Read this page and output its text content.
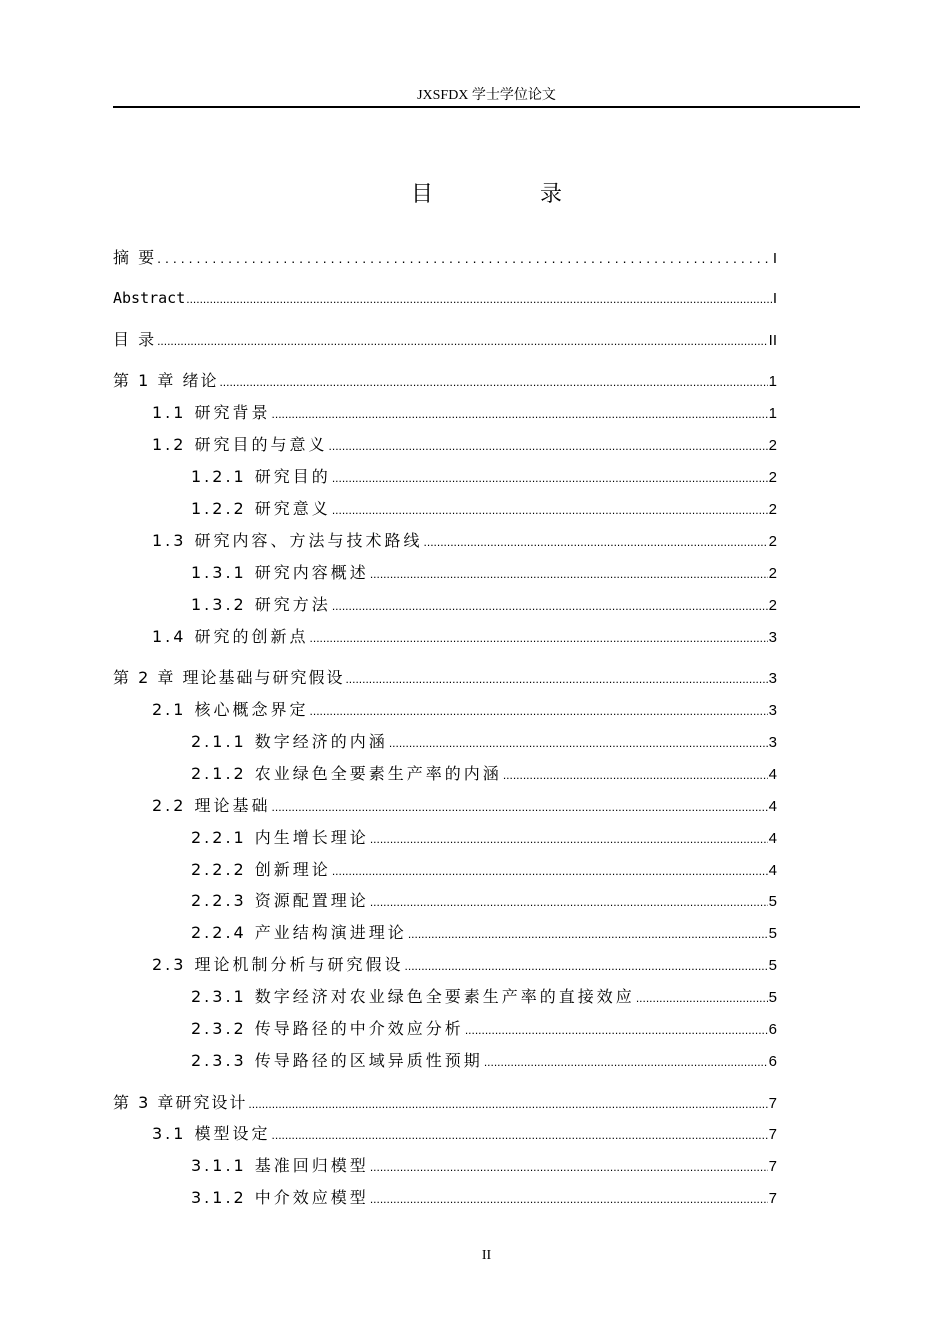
JXSFDX 学士学位论文
目 录
摘 要 .....	I
Abstract .....	I
目 录 .....	II
第 1 章 绪论 .....	1
1.1 研究背景 .....	1
1.2 研究目的与意义 .....	2
1.2.1 研究目的 .....	2
1.2.2 研究意义 .....	2
1.3 研究内容、方法与技术路线 .....	2
1.3.1 研究内容概述 .....	2
1.3.2 研究方法 .....	2
1.4 研究的创新点 .....	3
第 2 章 理论基础与研究假设 .....	3
2.1 核心概念界定 .....	3
2.1.1 数字经济的内涵 .....	3
2.1.2 农业绿色全要素生产率的内涵 .....	4
2.2 理论基础 .....	4
2.2.1 内生增长理论 .....	4
2.2.2 创新理论 .....	4
2.2.3 资源配置理论 .....	5
2.2.4 产业结构演进理论 .....	5
2.3 理论机制分析与研究假设 .....	5
2.3.1 数字经济对农业绿色全要素生产率的直接效应 .....	5
2.3.2 传导路径的中介效应分析 .....	6
2.3.3 传导路径的区域异质性预期 .....	6
第 3 章研究设计 .....	7
3.1 模型设定 .....	7
3.1.1 基准回归模型 .....	7
3.1.2 中介效应模型 .....	7
II
